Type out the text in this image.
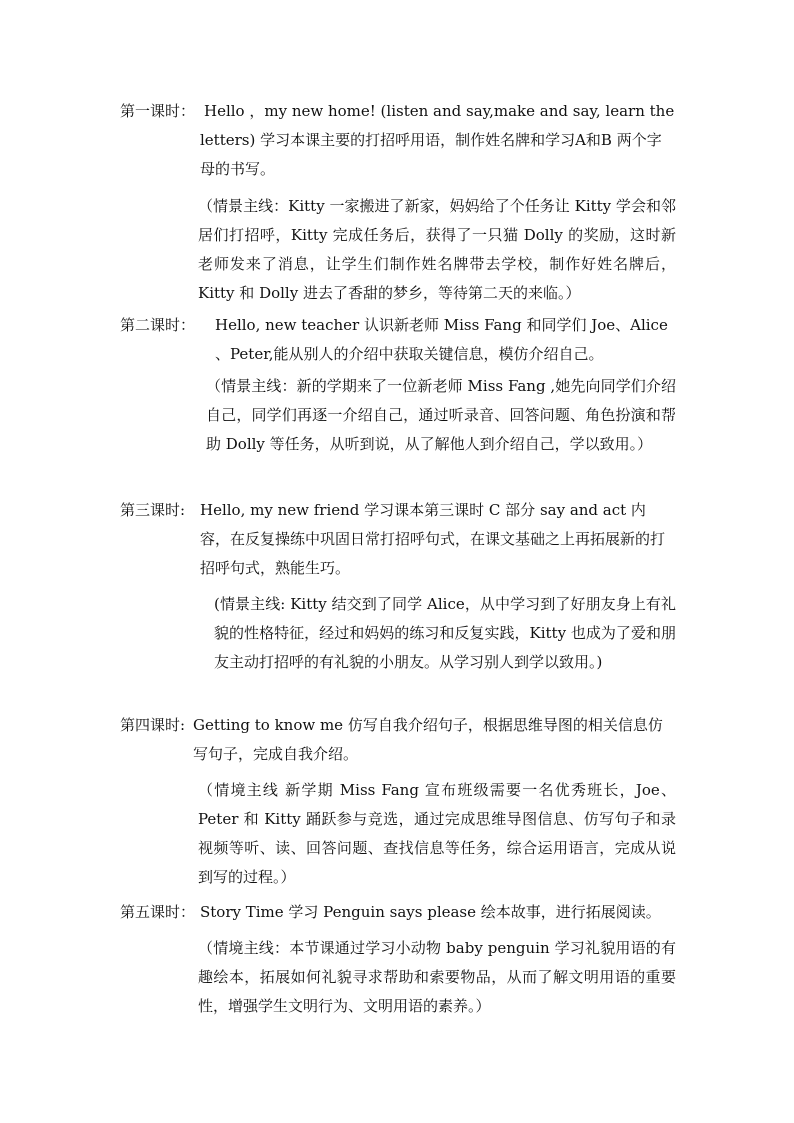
第一课时： Hello ，my new home! (listen and say,make and say, learn the letters) 学习本课主要的打招呼用语，制作姓名牌和学习A和B 两个字母的书写。
（情景主线：Kitty 一家搬进了新家，妈妈给了个任务让 Kitty 学会和邻居们打招呼，Kitty 完成任务后，获得了一只猫 Dolly 的奖励，这时新老师发来了消息，让学生们制作姓名牌带去学校，制作好姓名牌后，Kitty 和 Dolly 进去了香甜的梦乡，等待第二天的来临。）
第二课时： Hello, new teacher 认识新老师 Miss Fang 和同学们 Joe、Alice 、Peter,能从别人的介绍中获取关键信息，模仿介绍自己。
（情景主线：新的学期来了一位新老师 Miss Fang ,她先向同学们介绍自己，同学们再逐一介绍自己，通过听录音、回答问题、角色扮演和帮助 Dolly 等任务，从听到说，从了解他人到介绍自己，学以致用。）
第三课时: Hello, my new friend 学习课本第三课时 C 部分 say and act 内容，在反复操练中巩固日常打招呼句式，在课文基础之上再拓展新的打招呼句式，熟能生巧。
(情景主线: Kitty 结交到了同学 Alice，从中学习到了好朋友身上有礼貌的性格特征，经过和妈妈的练习和反复实践，Kitty 也成为了爱和朋友主动打招呼的有礼貌的小朋友。从学习别人到学以致用。)
第四课时: Getting to know me 仿写自我介绍句子，根据思维导图的相关信息仿写句子，完成自我介绍。
（情境主线 新学期 Miss Fang 宣布班级需要一名优秀班长，Joe、Peter 和 Kitty 踊跃参与竞选，通过完成思维导图信息、仿写句子和录视频等听、读、回答问题、查找信息等任务，综合运用语言，完成从说到写的过程。）
第五课时： Story Time 学习 Penguin says please 绘本故事，进行拓展阅读。
（情境主线：本节课通过学习小动物 baby penguin 学习礼貌用语的有趣绘本，拓展如何礼貌寻求帮助和索要物品，从而了解文明用语的重要性，增强学生文明行为、文明用语的素养。）
